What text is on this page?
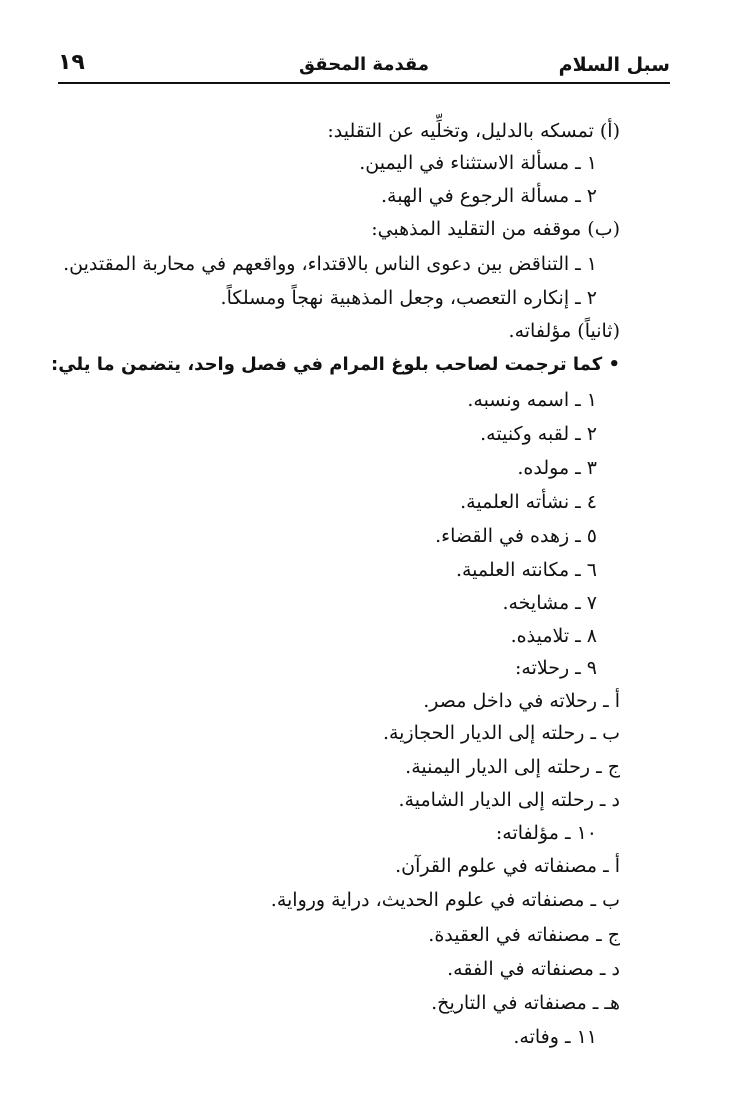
سبل السلام
مقدمة المحقق
١٩
(أ) تمسكه بالدليل، وتخلِّيه عن التقليد:
١ ـ مسألة الاستثناء في اليمين.
٢ ـ مسألة الرجوع في الهبة.
(ب) موقفه من التقليد المذهبي:
١ ـ التناقض بين دعوى الناس بالاقتداء، وواقعهم في محاربة المقتدين.
٢ ـ إنكاره التعصب، وجعل المذهبية نهجاً ومسلكاً.
(ثانياً) مؤلفاته.
• كما ترجمت لصاحب بلوغ المرام في فصل واحد، يتضمن ما يلي:
١ ـ اسمه ونسبه.
٢ ـ لقبه وكنيته.
٣ ـ مولده.
٤ ـ نشأته العلمية.
٥ ـ زهده في القضاء.
٦ ـ مكانته العلمية.
٧ ـ مشايخه.
٨ ـ تلاميذه.
٩ ـ رحلاته:
أ ـ رحلاته في داخل مصر.
ب ـ رحلته إلى الديار الحجازية.
ج ـ رحلته إلى الديار اليمنية.
د ـ رحلته إلى الديار الشامية.
١٠ ـ مؤلفاته:
أ ـ مصنفاته في علوم القرآن.
ب ـ مصنفاته في علوم الحديث، دراية ورواية.
ج ـ مصنفاته في العقيدة.
د ـ مصنفاته في الفقه.
هـ ـ مصنفاته في التاريخ.
١١ ـ وفاته.
